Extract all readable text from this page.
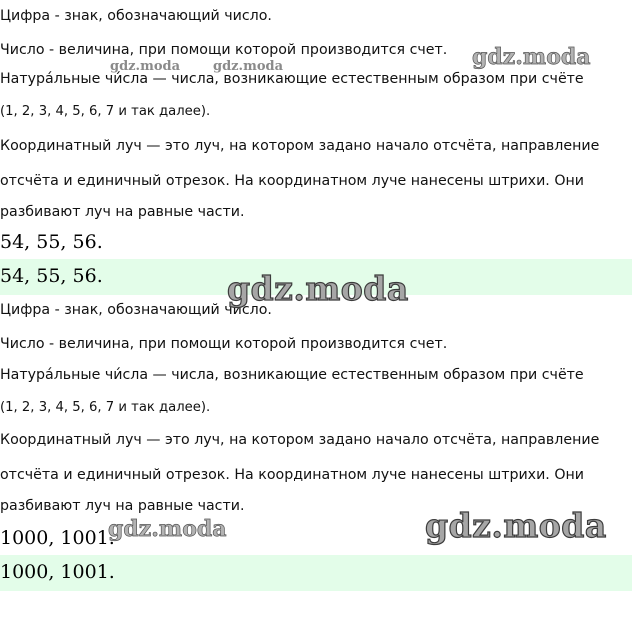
Цифра - знак, обозначающий число.
Число - величина, при помощи которой производится счет.
Натура́льные чи́сла — числа, возникающие естественным образом при счёте
(1, 2, 3, 4, 5, 6, 7 и так далее).
Координатный луч — это луч, на котором задано начало отсчёта, направление
отсчёта и единичный отрезок. На координатном луче нанесены штрихи. Они
разбивают луч на равные части.
54, 55, 56.
54, 55, 56.
Цифра - знак, обозначающий число.
Число - величина, при помощи которой производится счет.
Натура́льные чи́сла — числа, возникающие естественным образом при счёте
(1, 2, 3, 4, 5, 6, 7 и так далее).
Координатный луч — это луч, на котором задано начало отсчёта, направление
отсчёта и единичный отрезок. На координатном луче нанесены штрихи. Они
разбивают луч на равные части.
1000, 1001.
1000, 1001.
gdz.moda
gdz.moda	gdz.moda
gdz.moda
gdz.moda	gdz.moda
